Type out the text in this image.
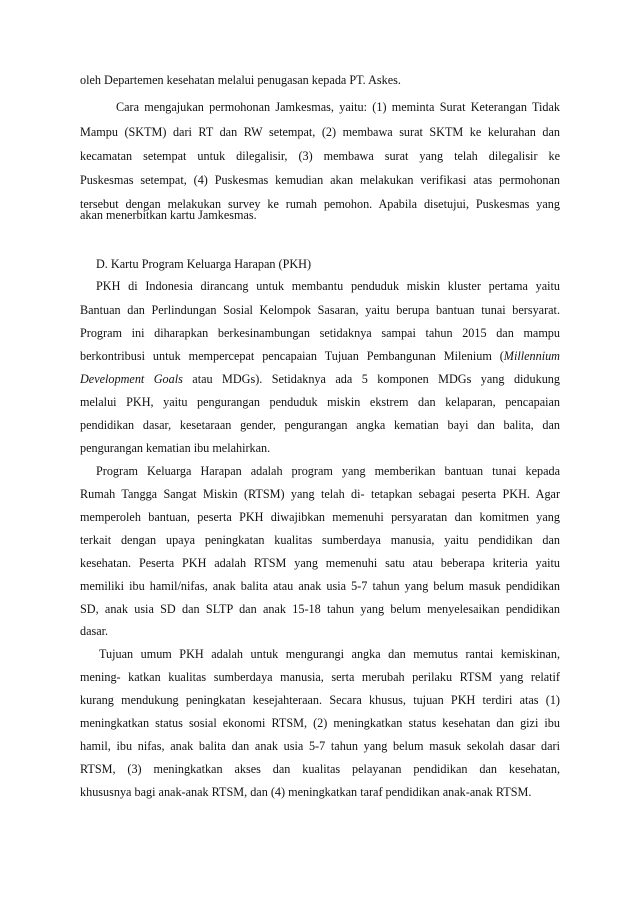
oleh Departemen kesehatan melalui penugasan kepada PT. Askes.
Cara mengajukan permohonan Jamkesmas, yaitu: (1) meminta Surat Keterangan Tidak
Mampu (SKTM) dari RT dan RW setempat, (2) membawa surat SKTM ke kelurahan dan
kecamatan setempat untuk dilegalisir, (3) membawa surat yang telah dilegalisir ke
Puskesmas setempat, (4) Puskesmas kemudian akan melakukan verifikasi atas permohonan
tersebut dengan melakukan survey ke rumah pemohon. Apabila disetujui, Puskesmas yang
akan menerbitkan kartu Jamkesmas.
D. Kartu Program Keluarga Harapan (PKH)
PKH di Indonesia dirancang untuk membantu penduduk miskin kluster pertama yaitu
Bantuan dan Perlindungan Sosial Kelompok Sasaran, yaitu berupa bantuan tunai bersyarat.
Program ini diharapkan berkesinambungan setidaknya sampai tahun 2015 dan mampu
berkontribusi untuk mempercepat pencapaian Tujuan Pembangunan Milenium (Millennium
Development Goals atau MDGs). Setidaknya ada 5 komponen MDGs yang didukung
melalui PKH, yaitu pengurangan penduduk miskin ekstrem dan kelaparan, pencapaian
pendidikan dasar, kesetaraan gender, pengurangan angka kematian bayi dan balita, dan
pengurangan kematian ibu melahirkan.
Program Keluarga Harapan adalah program yang memberikan bantuan tunai kepada
Rumah Tangga Sangat Miskin (RTSM) yang telah di- tetapkan sebagai peserta PKH. Agar
memperoleh bantuan, peserta PKH diwajibkan memenuhi persyaratan dan komitmen yang
terkait dengan upaya peningkatan kualitas sumberdaya manusia, yaitu pendidikan dan
kesehatan. Peserta PKH adalah RTSM yang memenuhi satu atau beberapa kriteria yaitu
memiliki ibu hamil/nifas, anak balita atau anak usia 5-7 tahun yang belum masuk pendidikan
SD, anak usia SD dan SLTP dan anak 15-18 tahun yang belum menyelesaikan pendidikan
dasar.
Tujuan umum PKH adalah untuk mengurangi angka dan memutus rantai kemiskinan,
mening- katkan kualitas sumberdaya manusia, serta merubah perilaku RTSM yang relatif
kurang mendukung peningkatan kesejahteraan. Secara khusus, tujuan PKH terdiri atas (1)
meningkatkan status sosial ekonomi RTSM, (2) meningkatkan status kesehatan dan gizi ibu
hamil, ibu nifas, anak balita dan anak usia 5-7 tahun yang belum masuk sekolah dasar dari
RTSM, (3) meningkatkan akses dan kualitas pelayanan pendidikan dan kesehatan,
khususnya bagi anak-anak RTSM, dan (4) meningkatkan taraf pendidikan anak-anak RTSM.
